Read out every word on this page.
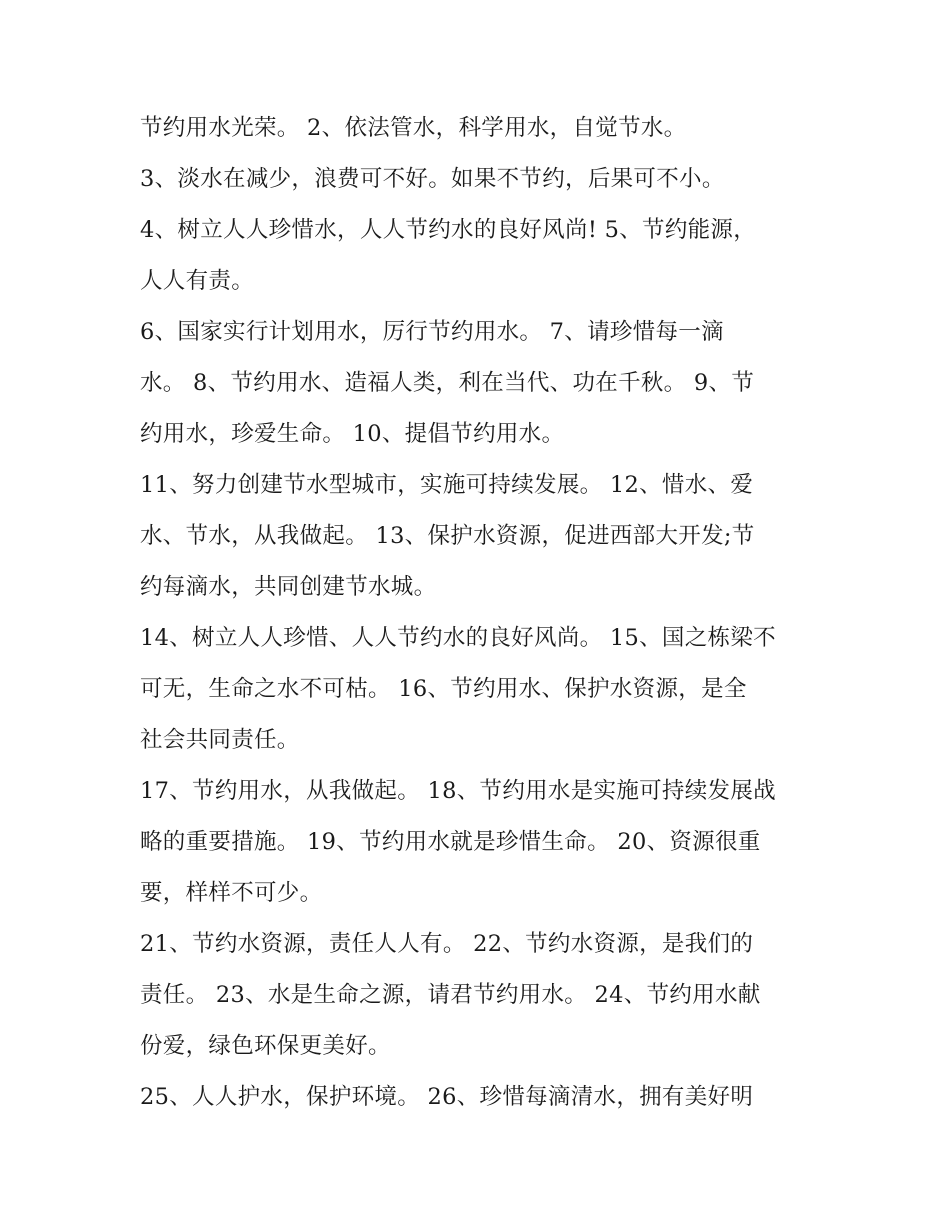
节约用水光荣。 2、依法管水，科学用水，自觉节水。
3、淡水在减少，浪费可不好。如果不节约，后果可不小。
4、树立人人珍惜水，人人节约水的良好风尚! 5、节约能源，
人人有责。
6、国家实行计划用水，厉行节约用水。 7、请珍惜每一滴
水。 8、节约用水、造福人类，利在当代、功在千秋。 9、节
约用水，珍爱生命。 10、提倡节约用水。
11、努力创建节水型城市，实施可持续发展。 12、惜水、爱
水、节水，从我做起。 13、保护水资源，促进西部大开发;节
约每滴水，共同创建节水城。
14、树立人人珍惜、人人节约水的良好风尚。 15、国之栋梁不
可无，生命之水不可枯。 16、节约用水、保护水资源，是全
社会共同责任。
17、节约用水，从我做起。 18、节约用水是实施可持续发展战
略的重要措施。 19、节约用水就是珍惜生命。 20、资源很重
要，样样不可少。
21、节约水资源，责任人人有。 22、节约水资源，是我们的
责任。 23、水是生命之源，请君节约用水。 24、节约用水献
份爱，绿色环保更美好。
25、人人护水，保护环境。 26、珍惜每滴清水，拥有美好明
